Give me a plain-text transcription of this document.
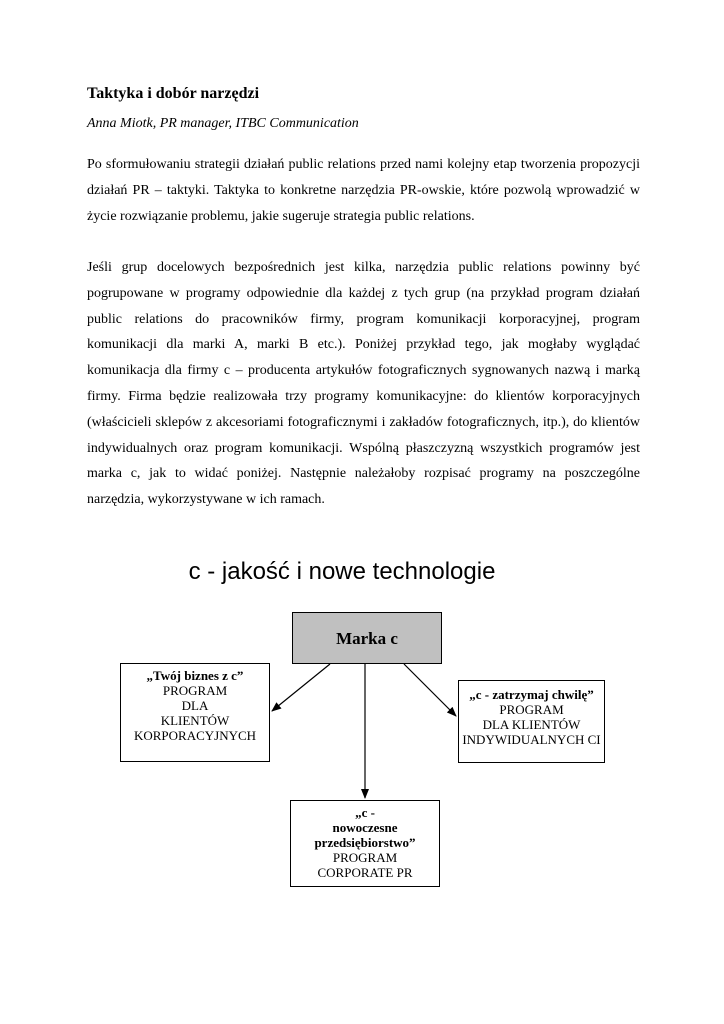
Taktyka i dobór narzędzi
Anna Miotk, PR manager, ITBC Communication

Po sformułowaniu strategii działań public relations przed nami kolejny etap tworzenia propozycji działań PR – taktyki. Taktyka to konkretne narzędzia PR-owskie, które pozwolą wprowadzić w życie rozwiązanie problemu, jakie sugeruje strategia public relations.

Jeśli grup docelowych bezpośrednich jest kilka, narzędzia public relations powinny być pogrupowane w programy odpowiednie dla każdej z tych grup (na przykład program działań public relations do pracowników firmy, program komunikacji korporacyjnej, program komunikacji dla marki A, marki B etc.). Poniżej przykład tego, jak mogłaby wyglądać komunikacja dla firmy c – producenta artykułów fotograficznych sygnowanych nazwą i marką firmy. Firma będzie realizowała trzy programy komunikacyjne: do klientów korporacyjnych (właścicieli sklepów z akcesoriami fotograficznymi i zakładów fotograficznych, itp.), do klientów indywidualnych oraz program komunikacji. Wspólną płaszczyzną wszystkich programów jest marka c, jak to widać poniżej. Następnie należałoby rozpisać programy na poszczególne narzędzia, wykorzystywane w ich ramach.

c - jakość i nowe technologie
Marka c
„Twój biznes z c”
PROGRAM
DLA
KLIENTÓW
KORPORACYJNYCH
„c - zatrzymaj chwilę”
PROGRAM
DLA KLIENTÓW
INDYWIDUALNYCH CI
„c -
nowoczesne
przedsiębiorstwo”
PROGRAM
CORPORATE PR
